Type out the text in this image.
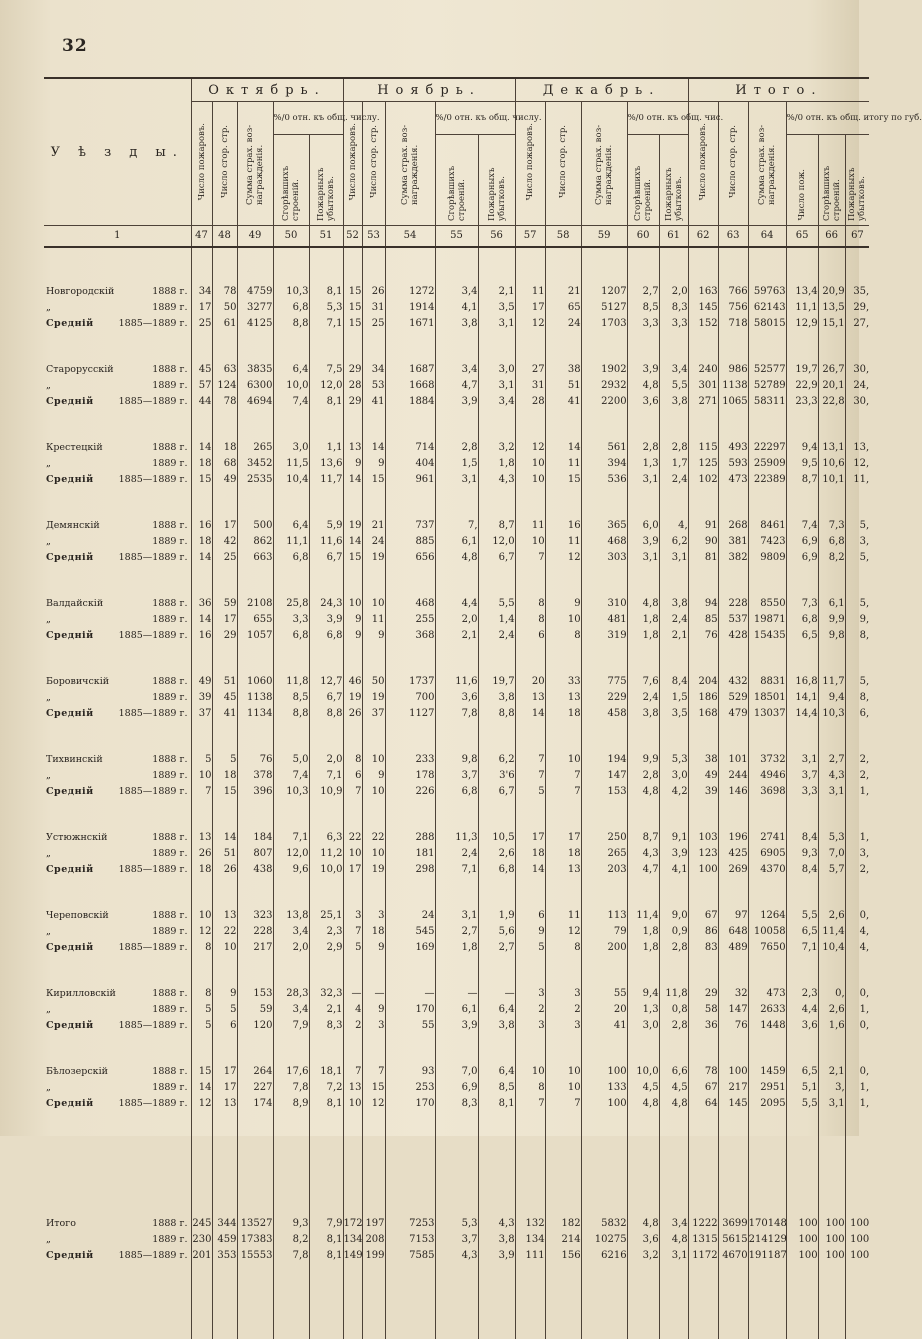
32
У ѣ з д ы.	Октябрь.					Ноябрь.					Декабрь.					Итого.					

	Число пожаровъ.	Число сгор. стр.	Сумма страх. воз- награжденія.	%/0 отн. къ общ. числу.		Число пожаровъ.	Число сгор. стр.	Сумма страх. воз- награжденія.	%/0 отн. къ общ. числу.		Число пожаровъ.	Число сгор. стр.	Сумма страх. воз- награжденія.	%/0 отн. къ общ. чис.		Число пожаровъ.	Число сгор. стр.	Сумма страх. воз- награжденія.	%/0 отн. къ общ. итогу по губ.		

				Сгорѣвшихъ строеній.	Пожарныхъ убытковъ.				Сгорѣвшихъ строеній.	Пожарныхъ убытковъ.				Сгорѣвшихъ строеній.	Пожарныхъ убытковъ.				Число пож.	Сгорѣвшихъ строеній.	Пожарныхъ убытковъ.

1	47	48	49	50	51	52	53	54	55	56	57	58	59	60	61	62	63	64	65	66	67

Новгородскій 1888 г.	34	78	4759	10,3	8,1	15	26	1272	3,4	2,1	11	21	1207	2,7	2,0	163	766	59763	13,4	20,9	35,

„ 1889 г.	17	50	3277	6,8	5,3	15	31	1914	4,1	3,5	17	65	5127	8,5	8,3	145	756	62143	11,1	13,5	29,

Средній 1885—1889 г.	25	61	4125	8,8	7,1	15	25	1671	3,8	3,1	12	24	1703	3,3	3,3	152	718	58015	12,9	15,1	27,

Старорусскій 1888 г.	45	63	3835	6,4	7,5	29	34	1687	3,4	3,0	27	38	1902	3,9	3,4	240	986	52577	19,7	26,7	30,

„ 1889 г.	57	124	6300	10,0	12,0	28	53	1668	4,7	3,1	31	51	2932	4,8	5,5	301	1138	52789	22,9	20,1	24,

Средній 1885—1889 г.	44	78	4694	7,4	8,1	29	41	1884	3,9	3,4	28	41	2200	3,6	3,8	271	1065	58311	23,3	22,8	30,

Крестецкій 1888 г.	14	18	265	3,0	1,1	13	14	714	2,8	3,2	12	14	561	2,8	2,8	115	493	22297	9,4	13,1	13,

„ 1889 г.	18	68	3452	11,5	13,6	9	9	404	1,5	1,8	10	11	394	1,3	1,7	125	593	25909	9,5	10,6	12,

Средній 1885—1889 г.	15	49	2535	10,4	11,7	14	15	961	3,1	4,3	10	15	536	3,1	2,4	102	473	22389	8,7	10,1	11,

Демянскій 1888 г.	16	17	500	6,4	5,9	19	21	737	7,	8,7	11	16	365	6,0	4,	91	268	8461	7,4	7,3	5,

„ 1889 г.	18	42	862	11,1	11,6	14	24	885	6,1	12,0	10	11	468	3,9	6,2	90	381	7423	6,9	6,8	3,

Средній 1885—1889 г.	14	25	663	6,8	6,7	15	19	656	4,8	6,7	7	12	303	3,1	3,1	81	382	9809	6,9	8,2	5,

Валдайскій 1888 г.	36	59	2108	25,8	24,3	10	10	468	4,4	5,5	8	9	310	4,8	3,8	94	228	8550	7,3	6,1	5,

„ 1889 г.	14	17	655	3,3	3,9	9	11	255	2,0	1,4	8	10	481	1,8	2,4	85	537	19871	6,8	9,9	9,

Средній 1885—1889 г.	16	29	1057	6,8	6,8	9	9	368	2,1	2,4	6	8	319	1,8	2,1	76	428	15435	6,5	9,8	8,

Боровичскій 1888 г.	49	51	1060	11,8	12,7	46	50	1737	11,6	19,7	20	33	775	7,6	8,4	204	432	8831	16,8	11,7	5,

„ 1889 г.	39	45	1138	8,5	6,7	19	19	700	3,6	3,8	13	13	229	2,4	1,5	186	529	18501	14,1	9,4	8,

Средній 1885—1889 г.	37	41	1134	8,8	8,8	26	37	1127	7,8	8,8	14	18	458	3,8	3,5	168	479	13037	14,4	10,3	6,

Тихвинскій 1888 г.	5	5	76	5,0	2,0	8	10	233	9,8	6,2	7	10	194	9,9	5,3	38	101	3732	3,1	2,7	2,

„ 1889 г.	10	18	378	7,4	7,1	6	9	178	3,7	3'6	7	7	147	2,8	3,0	49	244	4946	3,7	4,3	2,

Средній 1885—1889 г.	7	15	396	10,3	10,9	7	10	226	6,8	6,7	5	7	153	4,8	4,2	39	146	3698	3,3	3,1	1,

Устюжнскій 1888 г.	13	14	184	7,1	6,3	22	22	288	11,3	10,5	17	17	250	8,7	9,1	103	196	2741	8,4	5,3	1,

„ 1889 г.	26	51	807	12,0	11,2	10	10	181	2,4	2,6	18	18	265	4,3	3,9	123	425	6905	9,3	7,0	3,

Средній 1885—1889 г.	18	26	438	9,6	10,0	17	19	298	7,1	6,8	14	13	203	4,7	4,1	100	269	4370	8,4	5,7	2,

Череповскій 1888 г.	10	13	323	13,8	25,1	3	3	24	3,1	1,9	6	11	113	11,4	9,0	67	97	1264	5,5	2,6	0,

„ 1889 г.	12	22	228	3,4	2,3	7	18	545	2,7	5,6	9	12	79	1,8	0,9	86	648	10058	6,5	11,4	4,

Средній 1885—1889 г.	8	10	217	2,0	2,9	5	9	169	1,8	2,7	5	8	200	1,8	2,8	83	489	7650	7,1	10,4	4,

Кирилловскій 1888 г.	8	9	153	28,3	32,3	—	—	—	—	—	3	3	55	9,4	11,8	29	32	473	2,3	0,	0,

„ 1889 г.	5	5	59	3,4	2,1	4	9	170	6,1	6,4	2	2	20	1,3	0,8	58	147	2633	4,4	2,6	1,

Средній 1885—1889 г.	5	6	120	7,9	8,3	2	3	55	3,9	3,8	3	3	41	3,0	2,8	36	76	1448	3,6	1,6	0,

Бѣлозерскій 1888 г.	15	17	264	17,6	18,1	7	7	93	7,0	6,4	10	10	100	10,0	6,6	78	100	1459	6,5	2,1	0,

„ 1889 г.	14	17	227	7,8	7,2	13	15	253	6,9	8,5	8	10	133	4,5	4,5	67	217	2951	5,1	3,	1,

Средній 1885—1889 г.	12	13	174	8,9	8,1	10	12	170	8,3	8,1	7	7	100	4,8	4,8	64	145	2095	5,5	3,1	1,

Итого 1888 г.	245	344	13527	9,3	7,9	172	197	7253	5,3	4,3	132	182	5832	4,8	3,4	1222	3699	170148	100	100	100

„ 1889 г.	230	459	17383	8,2	8,1	134	208	7153	3,7	3,8	134	214	10275	3,6	4,8	1315	5615	214129	100	100	100

Средній 1885—1889 г.	201	353	15553	7,8	8,1	149	199	7585	4,3	3,9	111	156	6216	3,2	3,1	1172	4670	191187	100	100	100
